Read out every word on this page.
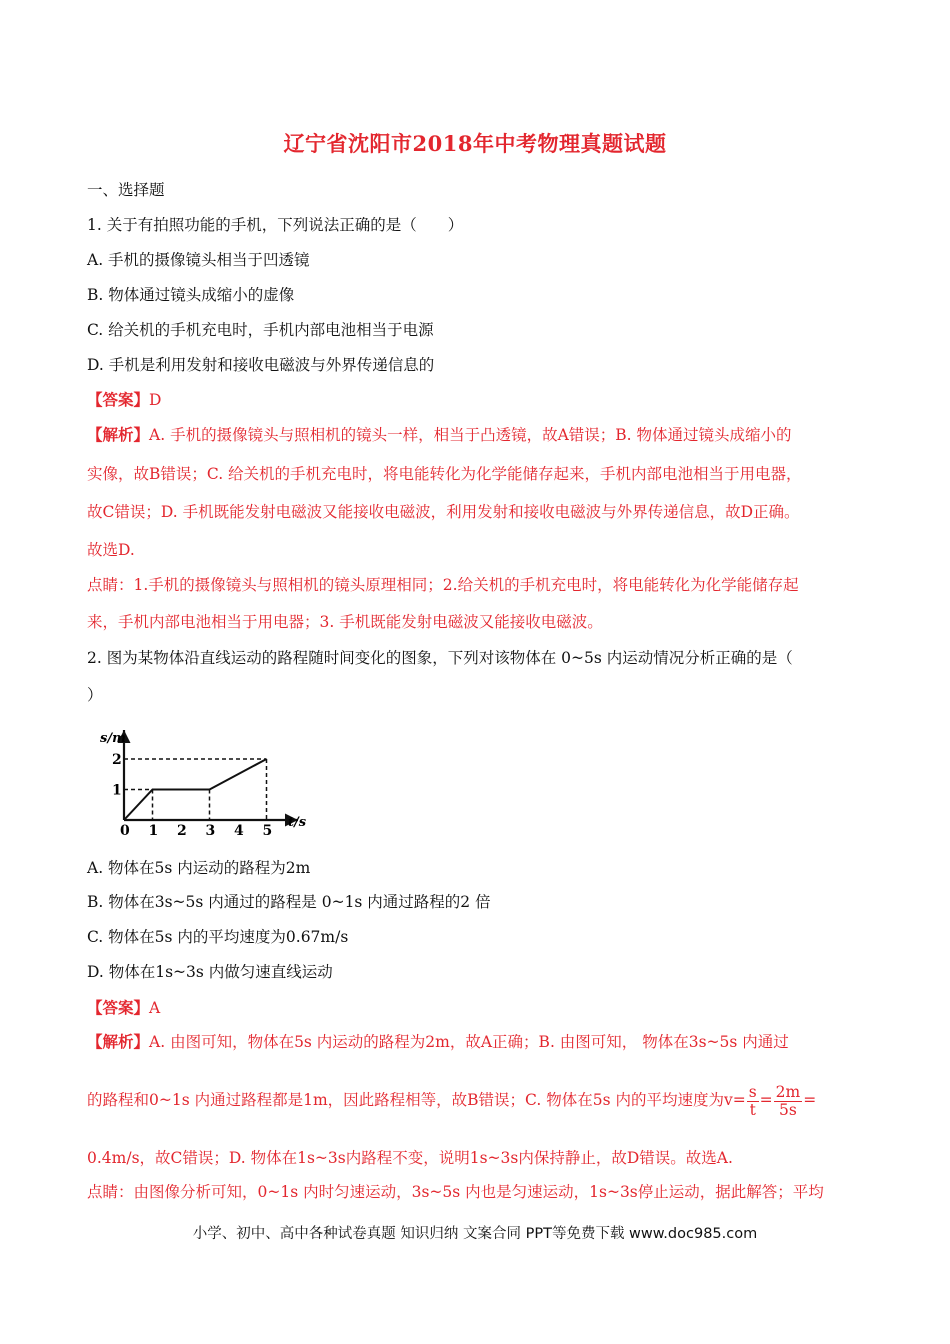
辽宁省沈阳市2018年中考物理真题试题
一、选择题
1. 关于有拍照功能的手机，下列说法正确的是（　　）
A. 手机的摄像镜头相当于凹透镜
B. 物体通过镜头成缩小的虚像
C. 给关机的手机充电时，手机内部电池相当于电源
D. 手机是利用发射和接收电磁波与外界传递信息的
【答案】D
【解析】A. 手机的摄像镜头与照相机的镜头一样，相当于凸透镜，故A错误；B. 物体通过镜头成缩小的
实像，故B错误；C. 给关机的手机充电时，将电能转化为化学能储存起来，手机内部电池相当于用电器，
故C错误；D. 手机既能发射电磁波又能接收电磁波，利用发射和接收电磁波与外界传递信息，故D正确。
故选D.
点睛：1.手机的摄像镜头与照相机的镜头原理相同；2.给关机的手机充电时，将电能转化为化学能储存起
来，手机内部电池相当于用电器；3. 手机既能发射电磁波又能接收电磁波。
2. 图为某物体沿直线运动的路程随时间变化的图象，下列对该物体在 0~5s 内运动情况分析正确的是（
）
s/m
t/s
0 1 2 3 4 5
1
2
A. 物体在5s 内运动的路程为2m
B. 物体在3s~5s 内通过的路程是 0~1s 内通过路程的2 倍
C. 物体在5s 内的平均速度为0.67m/s
D. 物体在1s~3s 内做匀速直线运动
【答案】A
【解析】A. 由图可知，物体在5s 内运动的路程为2m，故A正确；B. 由图可知， 物体在3s~5s 内通过
的路程和0~1s 内通过路程都是1m，因此路程相等，故B错误；C. 物体在5s 内的平均速度为$v= \frac{s}{t} = \frac{2m}{5s}$ =
0.4m/s，故C错误；D. 物体在1s~3s内路程不变，说明1s~3s内保持静止，故D错误。故选A.
点睛：由图像分析可知，0~1s 内时匀速运动，3s~5s 内也是匀速运动，1s~3s停止运动，据此解答；平均
小学、初中、高中各种试卷真题 知识归纳 文案合同 PPT等免费下载 www.doc985.com
